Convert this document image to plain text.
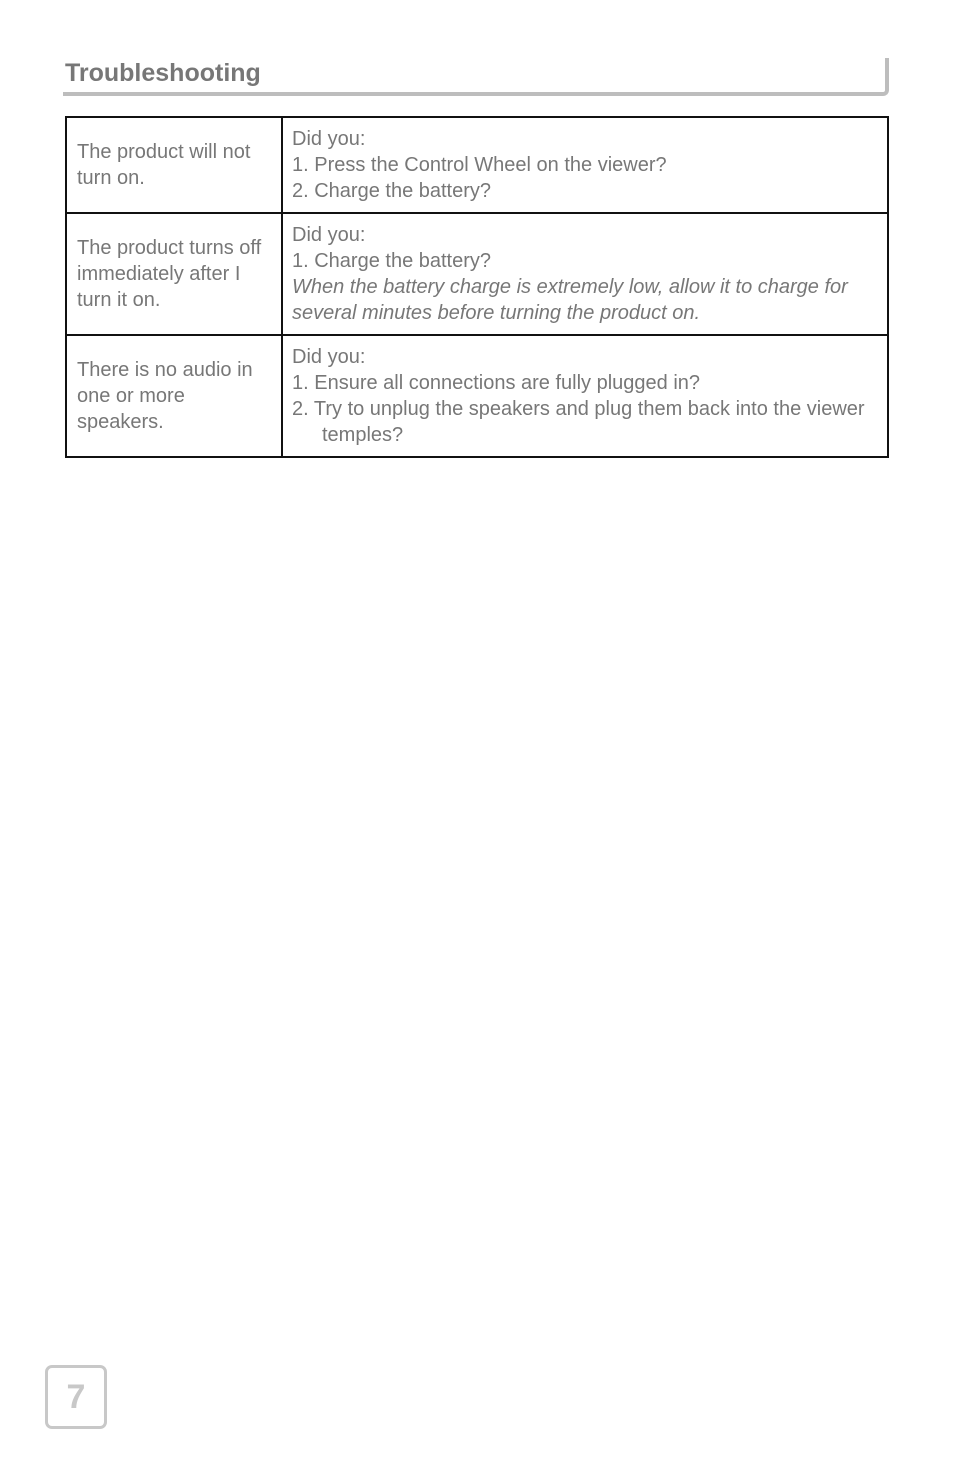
Troubleshooting
The product will not turn on.	Did you:
1. Press the Control Wheel on the viewer?
2. Charge the battery?

The product turns off immediately after I turn it on.	Did you:
1. Charge the battery?
When the battery charge is extremely low, allow it to charge for several minutes before turning the product on.

There is no audio in one or more speakers.	Did you:
1. Ensure all connections are fully plugged in?
2. Try to unplug the speakers and plug them back into the viewer temples?
7
